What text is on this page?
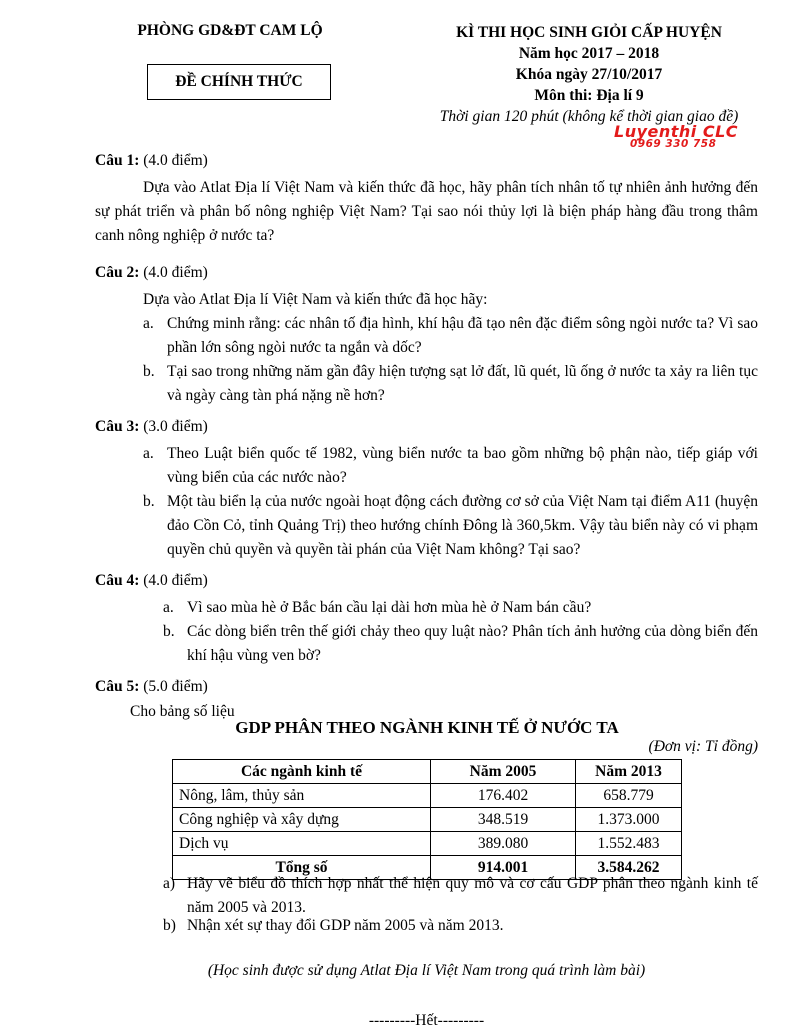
PHÒNG GD&ĐT CAM LỘ
ĐỀ CHÍNH THỨC
KÌ THI HỌC SINH GIỎI CẤP HUYỆN
Năm học 2017 – 2018
Khóa ngày 27/10/2017
Môn thi: Địa lí 9
Thời gian 120 phút (không kể thời gian giao đề)
Luyenthi CLC
0969 330 758
Câu 1: (4.0 điểm)
Dựa vào Atlat Địa lí Việt Nam và kiến thức đã học, hãy phân tích nhân tố tự nhiên ảnh hưởng đến sự phát triển và phân bố nông nghiệp Việt Nam? Tại sao nói thủy lợi là biện pháp hàng đầu trong thâm canh nông nghiệp ở nước ta?
Câu 2: (4.0 điểm)
Dựa vào Atlat Địa lí Việt Nam và kiến thức đã học hãy:
a. Chứng minh rằng: các nhân tố địa hình, khí hậu đã tạo nên đặc điểm sông ngòi nước ta? Vì sao phần lớn sông ngòi nước ta ngắn và dốc?
b. Tại sao trong những năm gần đây hiện tượng sạt lở đất, lũ quét, lũ ống ở nước ta xảy ra liên tục và ngày càng tàn phá nặng nề hơn?
Câu 3: (3.0 điểm)
a. Theo Luật biển quốc tế 1982, vùng biển nước ta bao gồm những bộ phận nào, tiếp giáp với vùng biển của các nước nào?
b. Một tàu biển lạ của nước ngoài hoạt động cách đường cơ sở của Việt Nam tại điểm A11 (huyện đảo Cồn Cỏ, tỉnh Quảng Trị) theo hướng chính Đông là 360,5km. Vậy tàu biển này có vi phạm quyền chủ quyền và quyền tài phán của Việt Nam không? Tại sao?
Câu 4: (4.0 điểm)
a. Vì sao mùa hè ở Bắc bán cầu lại dài hơn mùa hè ở Nam bán cầu?
b. Các dòng biển trên thế giới chảy theo quy luật nào? Phân tích ảnh hưởng của dòng biển đến khí hậu vùng ven bờ?
Câu 5: (5.0 điểm)
Cho bảng số liệu
GDP PHÂN THEO NGÀNH KINH TẾ Ở NƯỚC TA
(Đơn vị: Tỉ đồng)
Các ngành kinh tế	Năm 2005	Năm 2013
Nông, lâm, thủy sản	176.402	658.779
Công nghiệp và xây dựng	348.519	1.373.000
Dịch vụ	389.080	1.552.483
Tổng số	914.001	3.584.262
a) Hãy vẽ biểu đồ thích hợp nhất thể hiện quy mô và cơ cấu GDP phân theo ngành kinh tế năm 2005 và 2013.
b) Nhận xét sự thay đổi GDP năm 2005 và năm 2013.
(Học sinh được sử dụng Atlat Địa lí Việt Nam trong quá trình làm bài)
---------Hết---------
